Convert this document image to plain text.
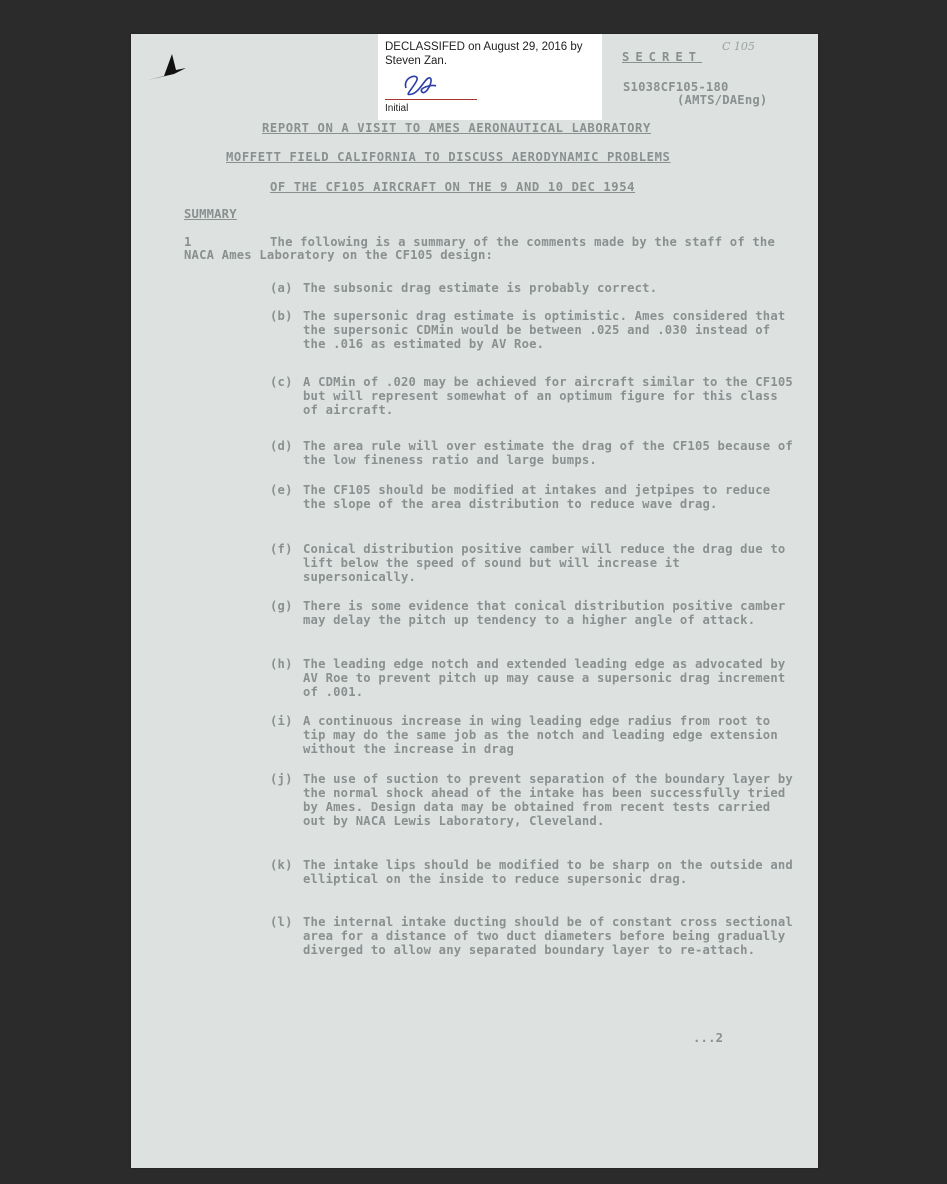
DECLASSIFED on August 29, 2016 by Steven Zan.
Initial
SECRET
C 105
S1038CF105-180
(AMTS/DAEng)
REPORT ON A VISIT TO AMES AERONAUTICAL LABORATORY
MOFFETT FIELD CALIFORNIA TO DISCUSS AERODYNAMIC PROBLEMS
OF THE CF105 AIRCRAFT ON THE 9 AND 10 DEC 1954
SUMMARY
1	The following is a summary of the comments made by the staff of the NACA Ames Laboratory on the CF105 design:
(a) The subsonic drag estimate is probably correct.
(b) The supersonic drag estimate is optimistic. Ames considered that the supersonic CDMin would be between .025 and .030 instead of the .016 as estimated by AV Roe.
(c) A CDMin of .020 may be achieved for aircraft similar to the CF105 but will represent somewhat of an optimum figure for this class of aircraft.
(d) The area rule will over estimate the drag of the CF105 because of the low fineness ratio and large bumps.
(e) The CF105 should be modified at intakes and jetpipes to reduce the slope of the area distribution to reduce wave drag.
(f) Conical distribution positive camber will reduce the drag due to lift below the speed of sound but will increase it supersonically.
(g) There is some evidence that conical distribution positive camber may delay the pitch up tendency to a higher angle of attack.
(h) The leading edge notch and extended leading edge as advocated by AV Roe to prevent pitch up may cause a supersonic drag increment of .001.
(i) A continuous increase in wing leading edge radius from root to tip may do the same job as the notch and leading edge extension without the increase in drag
(j) The use of suction to prevent separation of the boundary layer by the normal shock ahead of the intake has been successfully tried by Ames. Design data may be obtained from recent tests carried out by NACA Lewis Laboratory, Cleveland.
(k) The intake lips should be modified to be sharp on the outside and elliptical on the inside to reduce supersonic drag.
(l) The internal intake ducting should be of constant cross sectional area for a distance of two duct diameters before being gradually diverged to allow any separated boundary layer to re-attach.
...2
